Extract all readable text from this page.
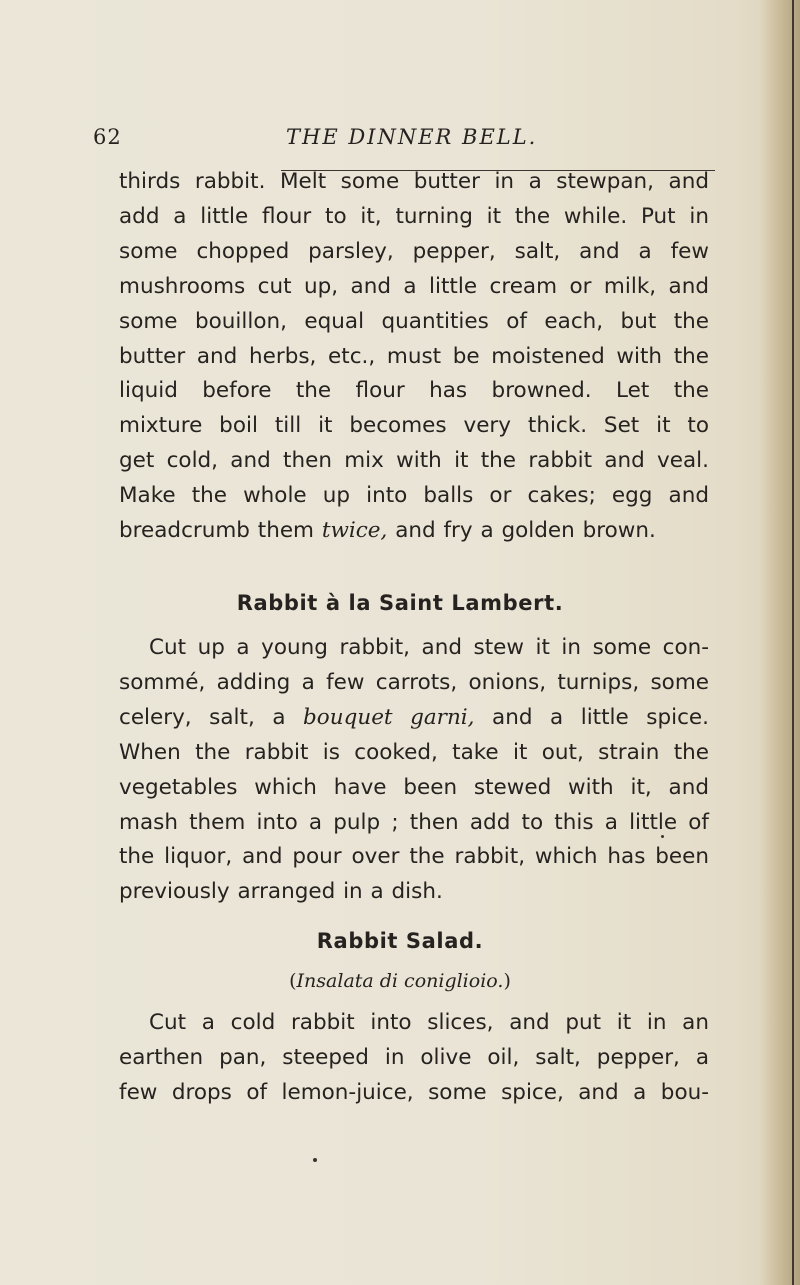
62	THE DINNER BELL.
thirds rabbit. Melt some butter in a stewpan, and
add a little flour to it, turning it the while. Put in
some chopped parsley, pepper, salt, and a few
mushrooms cut up, and a little cream or milk, and
some bouillon, equal quantities of each, but the
butter and herbs, etc., must be moistened with the
liquid before the flour has browned. Let the
mixture boil till it becomes very thick. Set it to
get cold, and then mix with it the rabbit and veal.
Make the whole up into balls or cakes; egg and
breadcrumb them twice, and fry a golden brown.
Rabbit à la Saint Lambert.
Cut up a young rabbit, and stew it in some con-
sommé, adding a few carrots, onions, turnips, some
celery, salt, a bouquet garni, and a little spice.
When the rabbit is cooked, take it out, strain the
vegetables which have been stewed with it, and
mash them into a pulp ; then add to this a little of
the liquor, and pour over the rabbit, which has been
previously arranged in a dish.
Rabbit Salad.
(Insalata di coniglioio.)
Cut a cold rabbit into slices, and put it in an
earthen pan, steeped in olive oil, salt, pepper, a
few drops of lemon-juice, some spice, and a bou-
